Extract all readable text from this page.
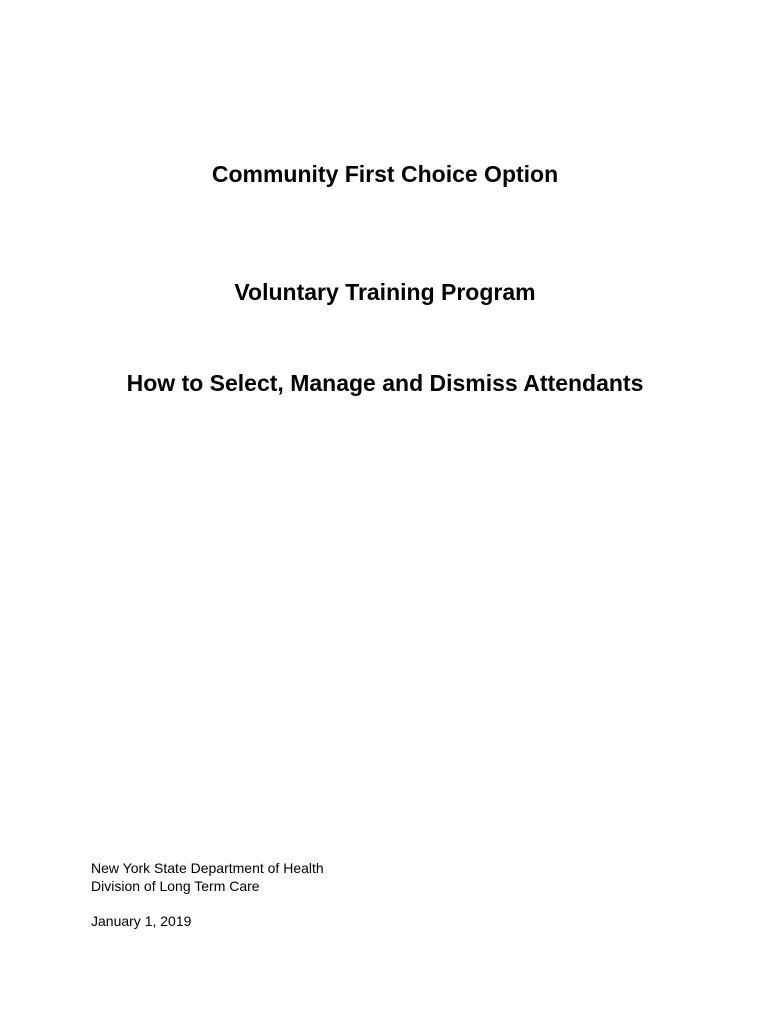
Community First Choice Option
Voluntary Training Program
How to Select, Manage and Dismiss Attendants
New York State Department of Health
Division of Long Term Care
January 1, 2019
